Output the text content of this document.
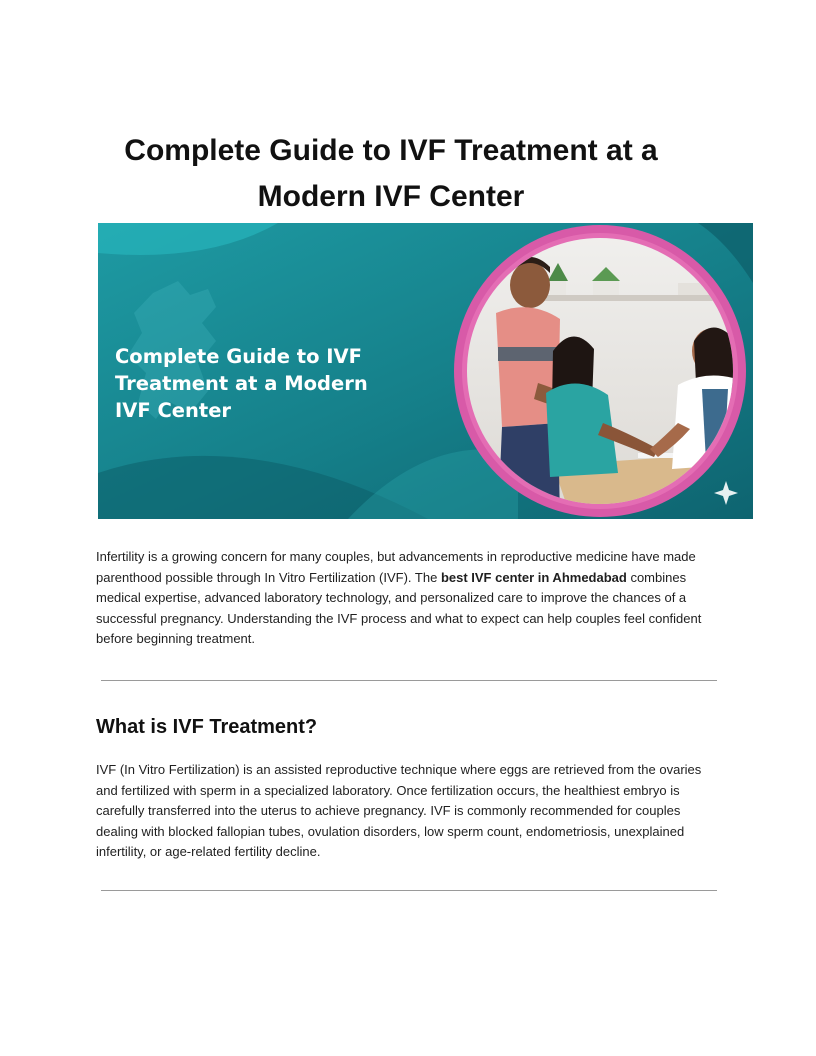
Complete Guide to IVF Treatment at a
Modern IVF Center
Complete Guide to IVF
Treatment at a Modern
IVF Center

Infertility is a growing concern for many couples, but advancements in reproductive medicine have made parenthood possible through In Vitro Fertilization (IVF). The best IVF center in Ahmedabad combines medical expertise, advanced laboratory technology, and personalized care to improve the chances of a successful pregnancy. Understanding the IVF process and what to expect can help couples feel confident before beginning treatment.

What is IVF Treatment?

IVF (In Vitro Fertilization) is an assisted reproductive technique where eggs are retrieved from the ovaries and fertilized with sperm in a specialized laboratory. Once fertilization occurs, the healthiest embryo is carefully transferred into the uterus to achieve pregnancy. IVF is commonly recommended for couples dealing with blocked fallopian tubes, ovulation disorders, low sperm count, endometriosis, unexplained infertility, or age-related fertility decline.
